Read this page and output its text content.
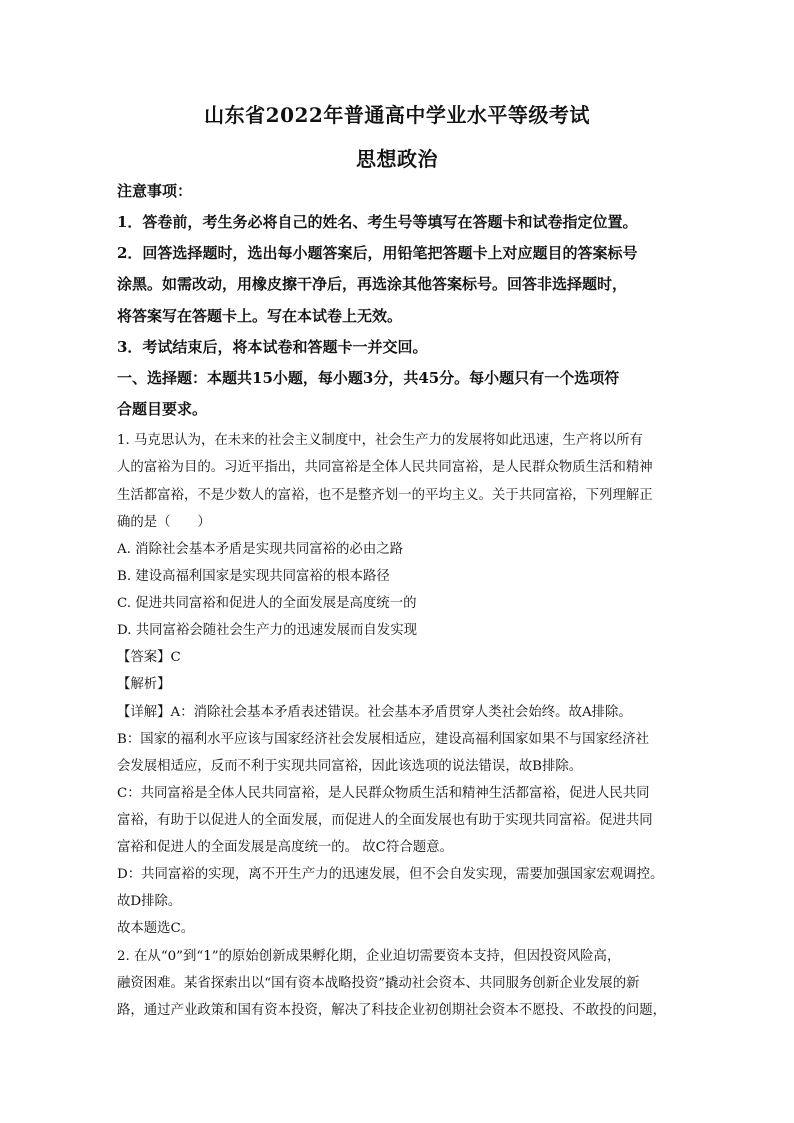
山东省2022年普通高中学业水平等级考试
思想政治
注意事项：
1．答卷前，考生务必将自己的姓名、考生号等填写在答题卡和试卷指定位置。
2．回答选择题时，选出每小题答案后，用铅笔把答题卡上对应题目的答案标号
涂黑。如需改动，用橡皮擦干净后，再选涂其他答案标号。回答非选择题时，
将答案写在答题卡上。写在本试卷上无效。
3．考试结束后，将本试卷和答题卡一并交回。
一、选择题：本题共15小题，每小题3分，共45分。每小题只有一个选项符
合题目要求。
1. 马克思认为，在未来的社会主义制度中，社会生产力的发展将如此迅速，生产将以所有
人的富裕为目的。习近平指出，共同富裕是全体人民共同富裕，是人民群众物质生活和精神
生活都富裕，不是少数人的富裕，也不是整齐划一的平均主义。关于共同富裕，下列理解正
确的是（　　）
A. 消除社会基本矛盾是实现共同富裕的必由之路
B. 建设高福利国家是实现共同富裕的根本路径
C. 促进共同富裕和促进人的全面发展是高度统一的
D. 共同富裕会随社会生产力的迅速发展而自发实现
【答案】C
【解析】
【详解】A：消除社会基本矛盾表述错误。社会基本矛盾贯穿人类社会始终。故A排除。
B：国家的福利水平应该与国家经济社会发展相适应，建设高福利国家如果不与国家经济社
会发展相适应，反而不利于实现共同富裕，因此该选项的说法错误，故B排除。
C：共同富裕是全体人民共同富裕，是人民群众物质生活和精神生活都富裕，促进人民共同
富裕，有助于以促进人的全面发展，而促进人的全面发展也有助于实现共同富裕。促进共同
富裕和促进人的全面发展是高度统一的。 故C符合题意。
D：共同富裕的实现，离不开生产力的迅速发展，但不会自发实现，需要加强国家宏观调控。
故D排除。
故本题选C。
2. 在从“0”到“1”的原始创新成果孵化期，企业迫切需要资本支持，但因投资风险高，
融资困难。某省探索出以“国有资本战略投资”撬动社会资本、共同服务创新企业发展的新
路，通过产业政策和国有资本投资，解决了科技企业初创期社会资本不愿投、不敢投的问题，
